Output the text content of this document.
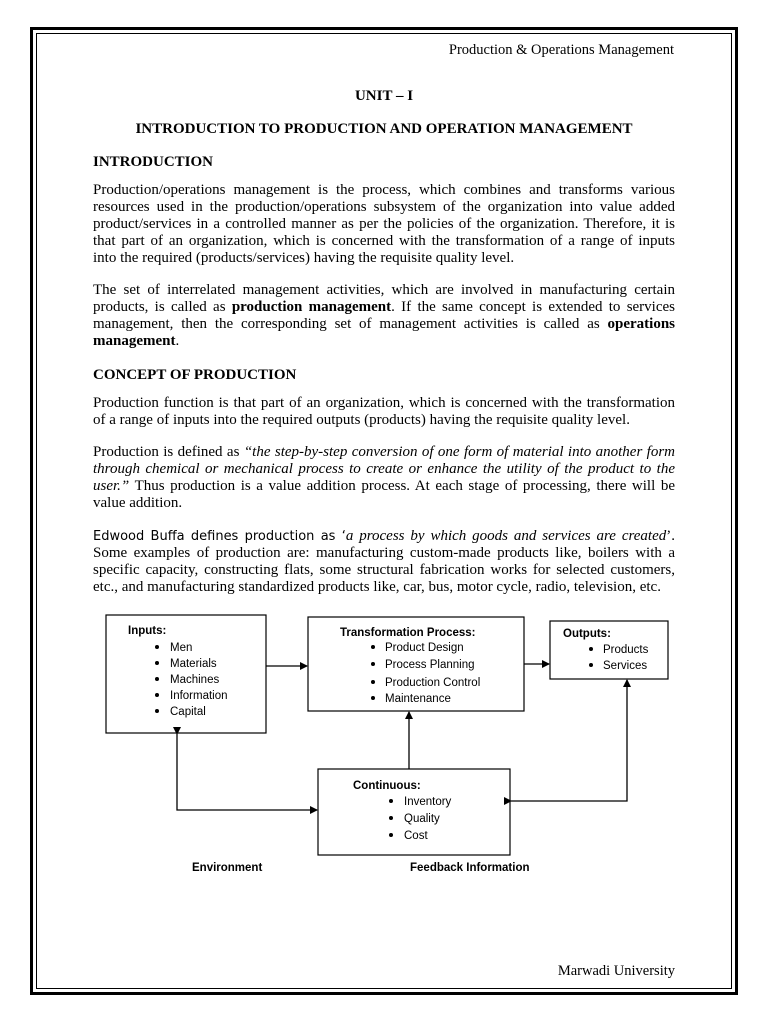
Production & Operations Management
UNIT – I
INTRODUCTION TO PRODUCTION AND OPERATION MANAGEMENT
INTRODUCTION
Production/operations management is the process, which combines and transforms various
resources used in the production/operations subsystem of the organization into value added
product/services in a controlled manner as per the policies of the organization. Therefore, it is
that part of an organization, which is concerned with the transformation of a range of inputs
into the required (products/services) having the requisite quality level.
The set of interrelated management activities, which are involved in manufacturing certain
products, is called as production management. If the same concept is extended to services
management, then the corresponding set of management activities is called as operations
management.
CONCEPT OF PRODUCTION
Production function is that part of an organization, which is concerned with the transformation
of a range of inputs into the required outputs (products) having the requisite quality level.
Production is defined as “the step-by-step conversion of one form of material into another form
through chemical or mechanical process to create or enhance the utility of the product to the
user.” Thus production is a value addition process. At each stage of processing, there will be
value addition.
Edwood Buffa defines production as ‘a process by which goods and services are created’.
Some examples of production are: manufacturing custom-made products like, boilers with a
specific capacity, constructing flats, some structural fabrication works for selected customers,
etc., and manufacturing standardized products like, car, bus, motor cycle, radio, television, etc.
Inputs:
Men
Materials
Machines
Information
Capital
Transformation Process:
Product Design
Process Planning
Production Control
Maintenance
Outputs:
Products
Services
Continuous:
Inventory
Quality
Cost
Environment	Feedback Information
Marwadi University
